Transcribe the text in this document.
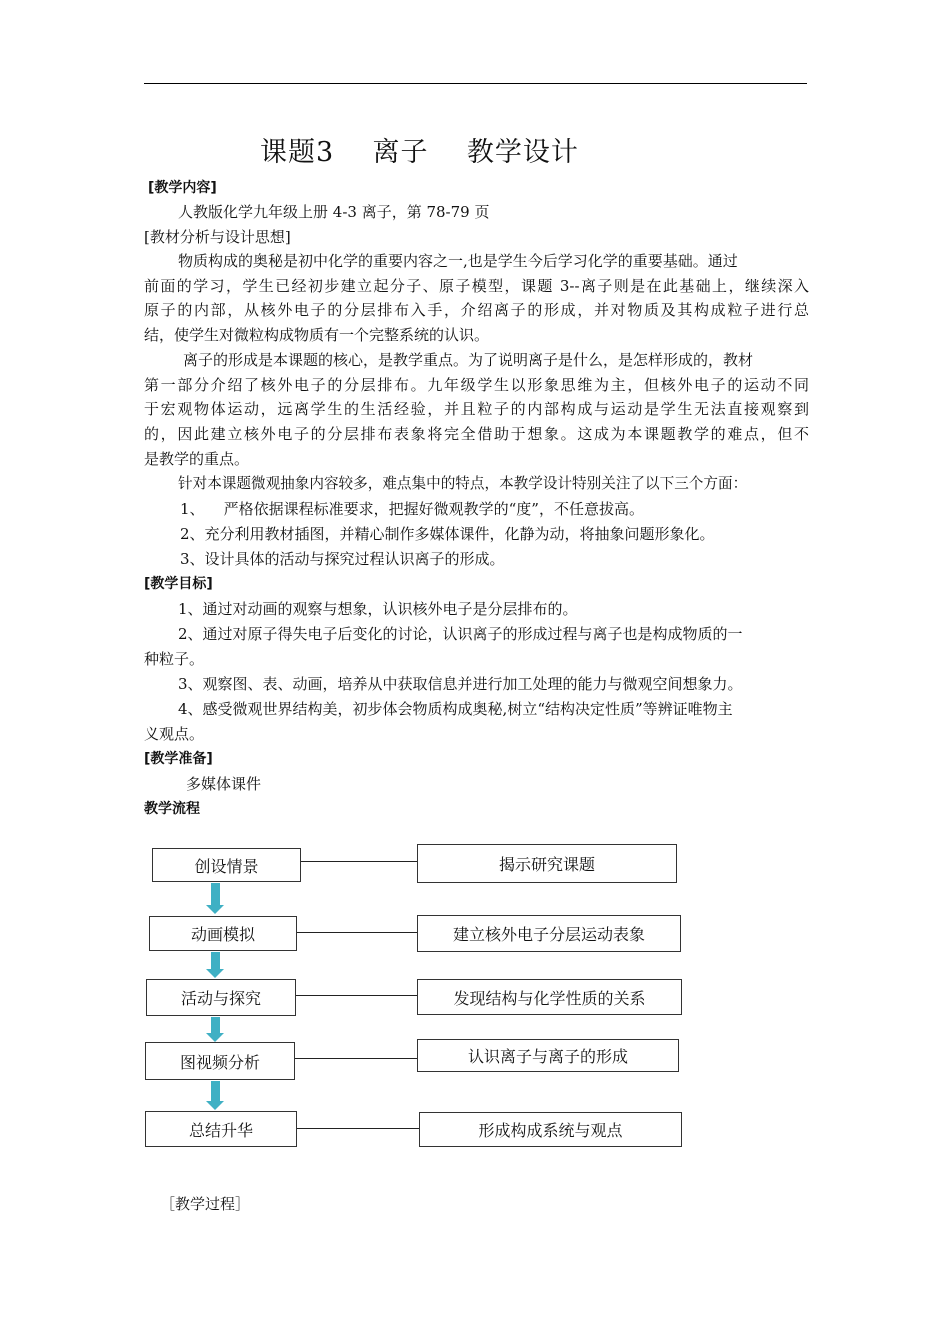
课题3    离子    教学设计
[教学内容]
人教版化学九年级上册 4-3 离子，第 78-79 页
[教材分析与设计思想]
物质构成的奥秘是初中化学的重要内容之一,也是学生今后学习化学的重要基础。通过
前面的学习，学生已经初步建立起分子、原子模型，课题 3--离子则是在此基础上，继续深入
原子的内部，从核外电子的分层排布入手，介绍离子的形成，并对物质及其构成粒子进行总
结，使学生对微粒构成物质有一个完整系统的认识。
离子的形成是本课题的核心，是教学重点。为了说明离子是什么，是怎样形成的，教材
第一部分介绍了核外电子的分层排布。九年级学生以形象思维为主，但核外电子的运动不同
于宏观物体运动，远离学生的生活经验，并且粒子的内部构成与运动是学生无法直接观察到
的，因此建立核外电子的分层排布表象将完全借助于想象。这成为本课题教学的难点，但不
是教学的重点。
针对本课题微观抽象内容较多，难点集中的特点，本教学设计特别关注了以下三个方面：
1、    严格依据课程标准要求，把握好微观教学的“度”，不任意拔高。
2、充分利用教材插图，并精心制作多媒体课件，化静为动，将抽象问题形象化。
3、设计具体的活动与探究过程认识离子的形成。
[教学目标]
1、通过对动画的观察与想象，认识核外电子是分层排布的。
2、通过对原子得失电子后变化的讨论，认识离子的形成过程与离子也是构成物质的一
种粒子。
3、观察图、表、动画，培养从中获取信息并进行加工处理的能力与微观空间想象力。
4、感受微观世界结构美，初步体会物质构成奥秘,树立“结构决定性质”等辨证唯物主
义观点。
[教学准备]
多媒体课件
教学流程
创设情景
动画模拟
活动与探究
图视频分析
总结升华
揭示研究课题
建立核外电子分层运动表象
发现结构与化学性质的关系
认识离子与离子的形成
形成构成系统与观点
［教学过程］
